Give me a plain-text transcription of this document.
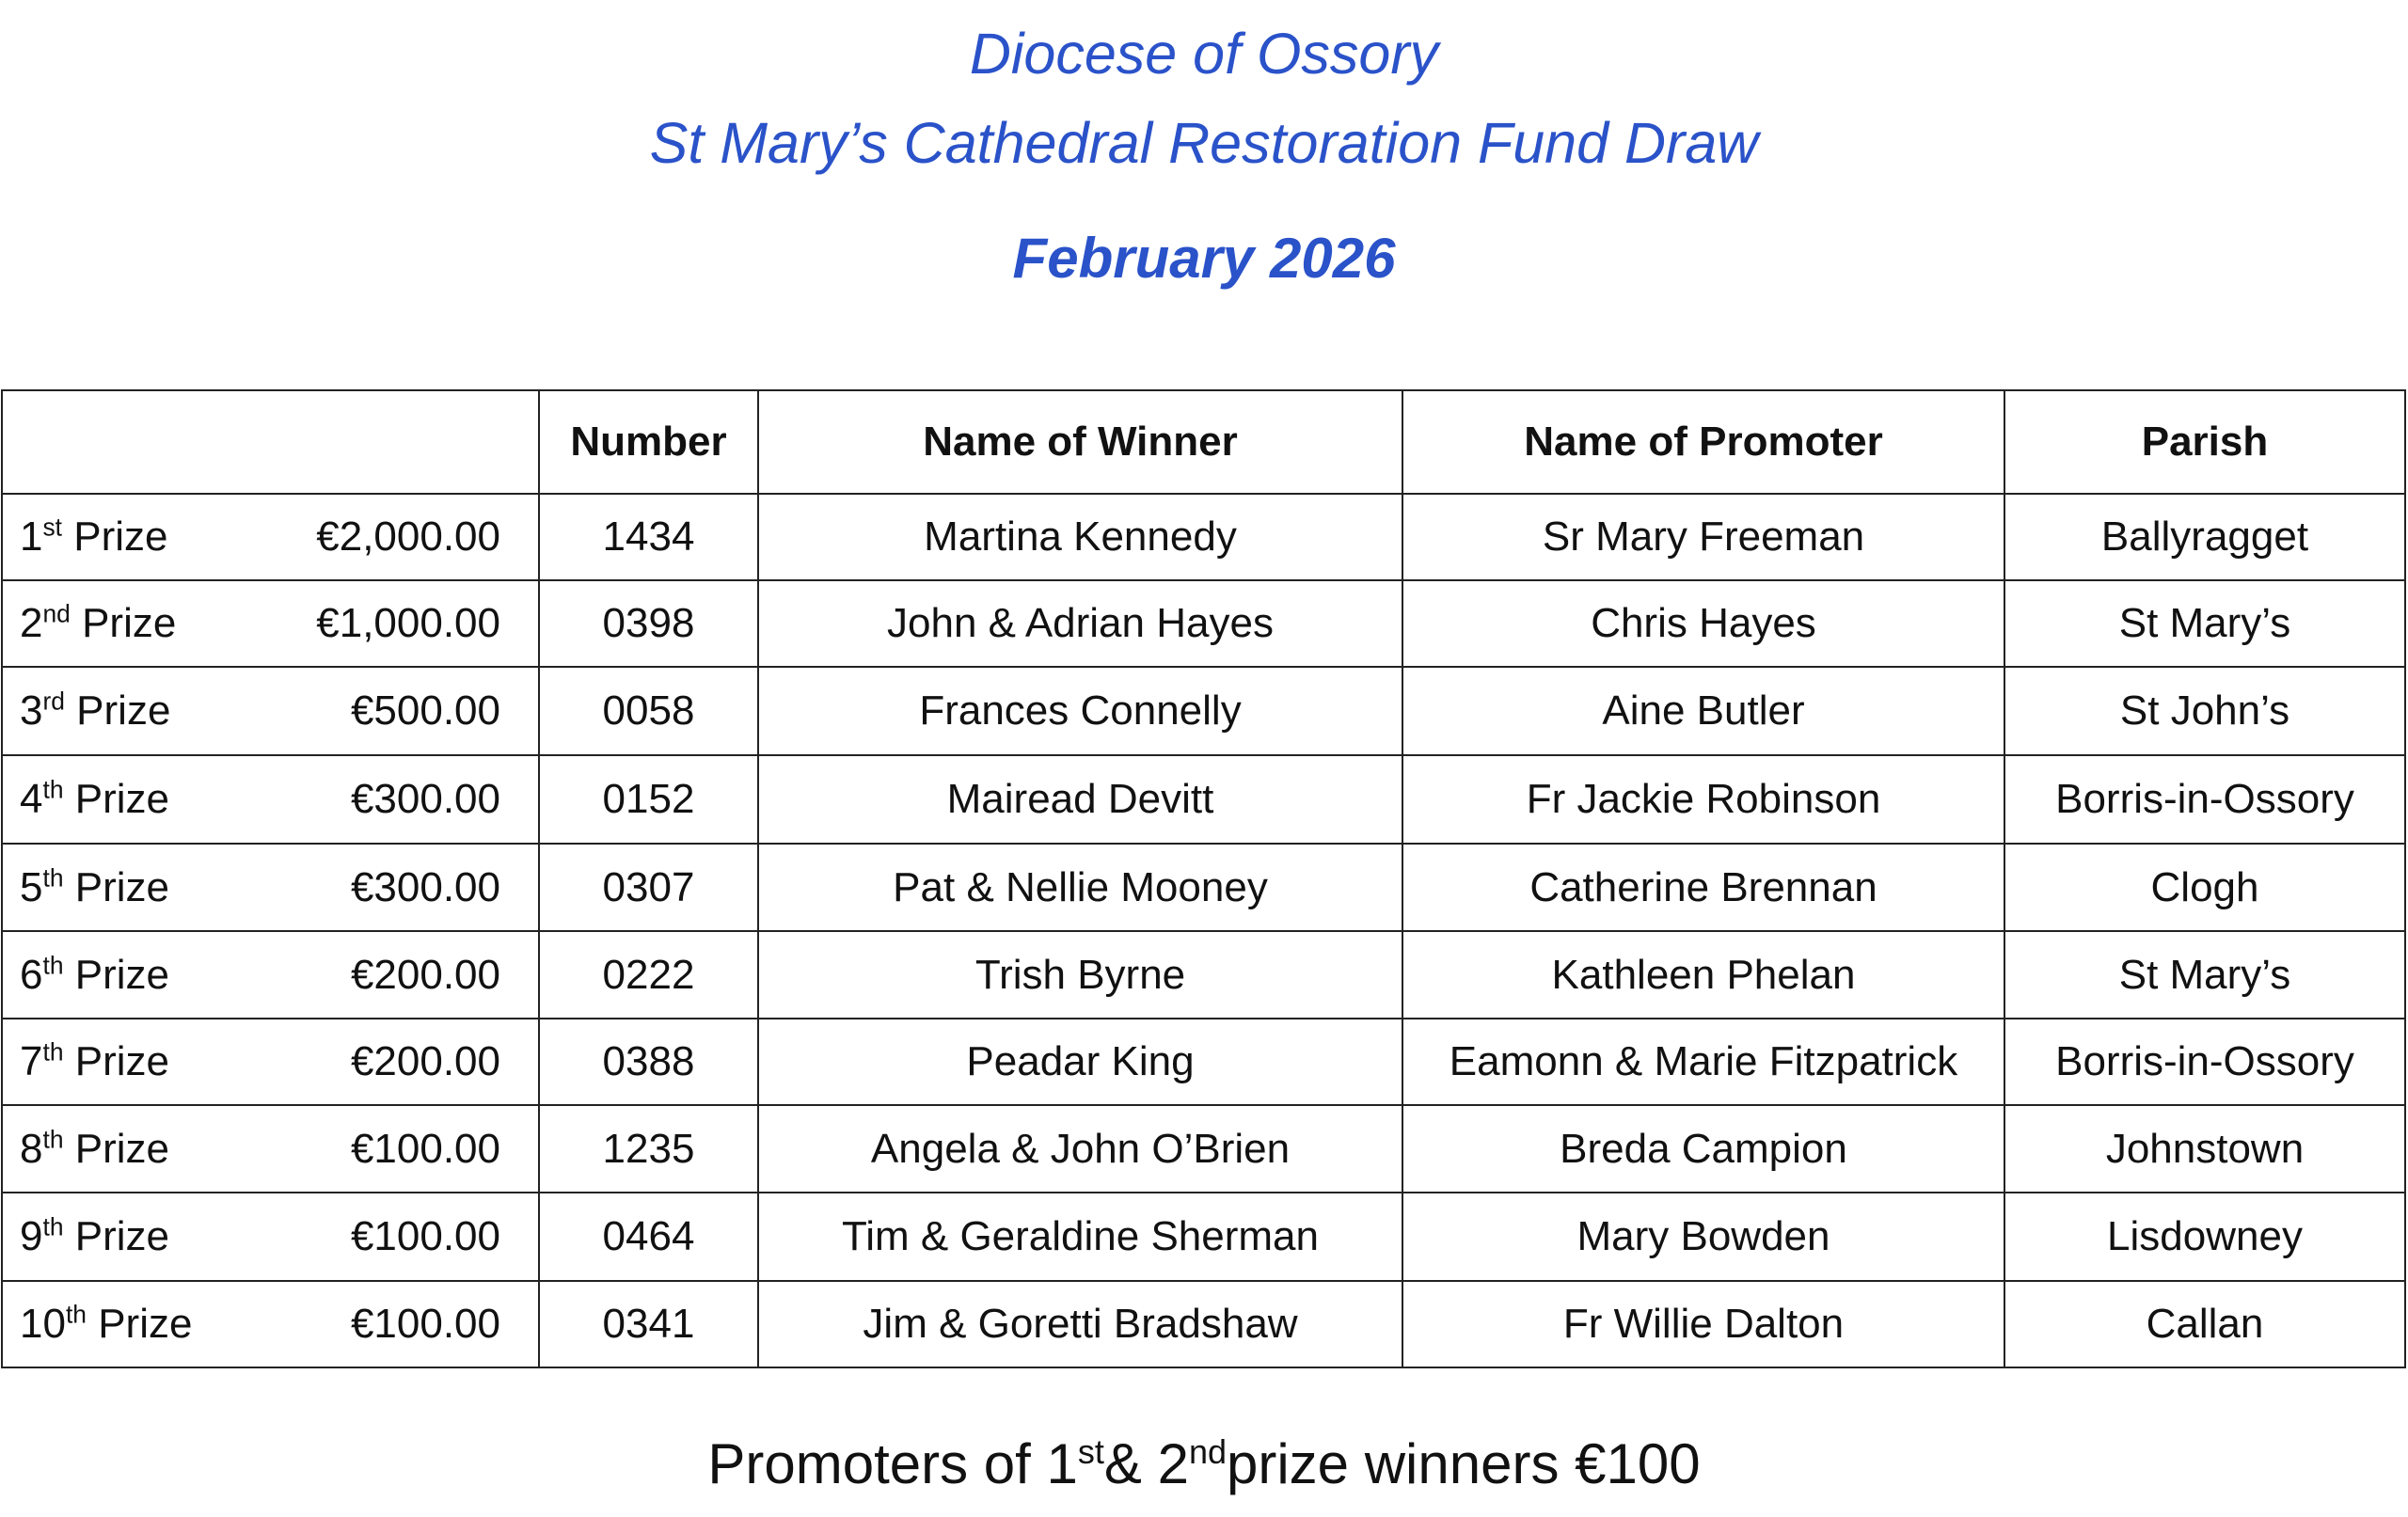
Diocese of Ossory
St Mary’s Cathedral Restoration Fund Draw
February 2026
	Number	Name of Winner	Name of Promoter	Parish

1st Prize €2,000.00	1434	Martina Kennedy	Sr Mary Freeman	Ballyragget

2nd Prize €1,000.00	0398	John & Adrian Hayes	Chris Hayes	St Mary’s

3rd Prize €500.00	0058	Frances Connelly	Aine Butler	St John’s

4th Prize €300.00	0152	Mairead Devitt	Fr Jackie Robinson	Borris-in-Ossory

5th Prize €300.00	0307	Pat & Nellie Mooney	Catherine Brennan	Clogh

6th Prize €200.00	0222	Trish Byrne	Kathleen Phelan	St Mary’s

7th Prize €200.00	0388	Peadar King	Eamonn & Marie Fitzpatrick	Borris-in-Ossory

8th Prize €100.00	1235	Angela & John O’Brien	Breda Campion	Johnstown

9th Prize €100.00	0464	Tim & Geraldine Sherman	Mary Bowden	Lisdowney

10th Prize €100.00	0341	Jim & Goretti Bradshaw	Fr Willie Dalton	Callan
Promoters of 1st& 2ndprize winners €100
